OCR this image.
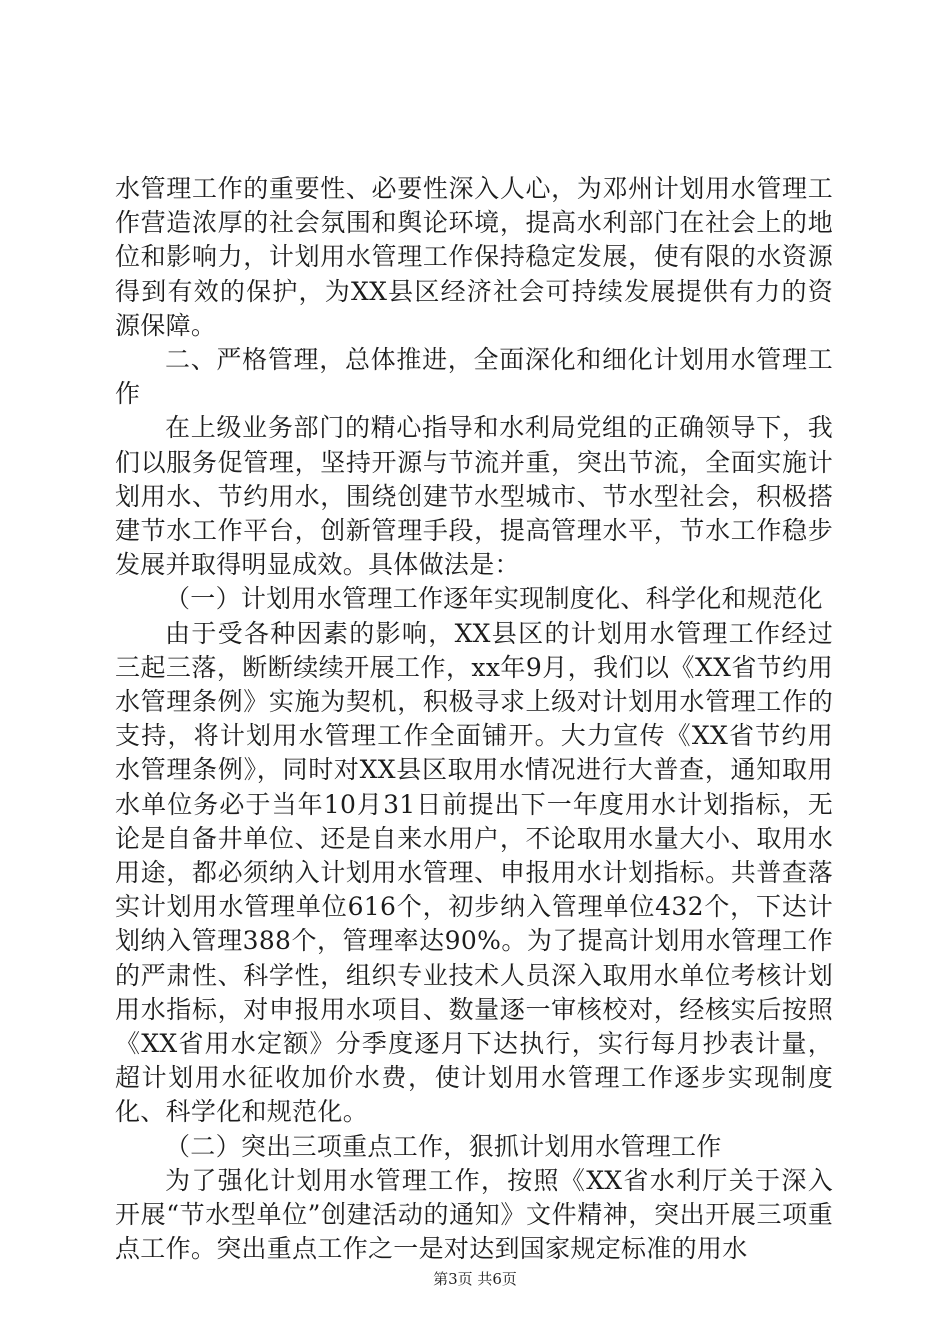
水管理工作的重要性、必要性深入人心，为邓州计划用水管理工作营造浓厚的社会氛围和舆论环境，提高水利部门在社会上的地位和影响力，计划用水管理工作保持稳定发展，使有限的水资源得到有效的保护，为XX县区经济社会可持续发展提供有力的资源保障。

二、严格管理，总体推进，全面深化和细化计划用水管理工作

在上级业务部门的精心指导和水利局党组的正确领导下，我们以服务促管理，坚持开源与节流并重，突出节流，全面实施计划用水、节约用水，围绕创建节水型城市、节水型社会，积极搭建节水工作平台，创新管理手段，提高管理水平，节水工作稳步发展并取得明显成效。具体做法是：

（一）计划用水管理工作逐年实现制度化、科学化和规范化

由于受各种因素的影响，XX县区的计划用水管理工作经过三起三落，断断续续开展工作，xx年9月，我们以《XX省节约用水管理条例》实施为契机，积极寻求上级对计划用水管理工作的支持，将计划用水管理工作全面铺开。大力宣传《XX省节约用水管理条例》，同时对XX县区取用水情况进行大普查，通知取用水单位务必于当年10月31日前提出下一年度用水计划指标，无论是自备井单位、还是自来水用户，不论取用水量大小、取用水用途，都必须纳入计划用水管理、申报用水计划指标。共普查落实计划用水管理单位616个，初步纳入管理单位432个，下达计划纳入管理388个，管理率达90%。为了提高计划用水管理工作的严肃性、科学性，组织专业技术人员深入取用水单位考核计划用水指标，对申报用水项目、数量逐一审核校对，经核实后按照《XX省用水定额》分季度逐月下达执行，实行每月抄表计量，超计划用水征收加价水费，使计划用水管理工作逐步实现制度化、科学化和规范化。

（二）突出三项重点工作，狠抓计划用水管理工作

为了强化计划用水管理工作，按照《XX省水利厅关于深入开展“节水型单位”创建活动的通知》文件精神，突出开展三项重点工作。突出重点工作之一是对达到国家规定标准的用水

第3页 共6页
